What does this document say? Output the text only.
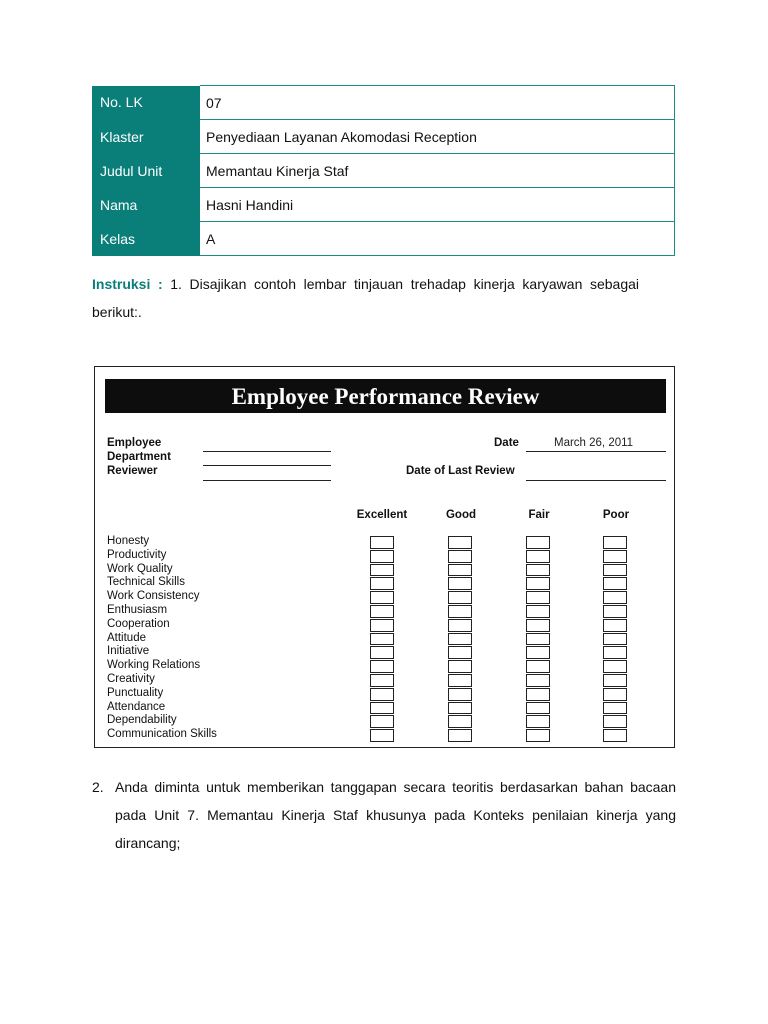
No. LK	07
Klaster	Penyediaan Layanan Akomodasi Reception
Judul Unit	Memantau Kinerja Staf
Nama	Hasni Handini
Kelas	A
Instruksi : 1. Disajikan contoh lembar tinjauan trehadap kinerja karyawan sebagai berikut:.
Employee Performance Review
Employee
Department
Reviewer
Date	March 26, 2011
Date of Last Review
Excellent	Good	Fair	Poor
Honesty
Productivity
Work Quality
Technical Skills
Work Consistency
Enthusiasm
Cooperation
Attitude
Initiative
Working Relations
Creativity
Punctuality
Attendance
Dependability
Communication Skills
2. Anda diminta untuk memberikan tanggapan secara teoritis berdasarkan bahan bacaan pada Unit 7. Memantau Kinerja Staf khusunya pada Konteks penilaian kinerja yang dirancang;
